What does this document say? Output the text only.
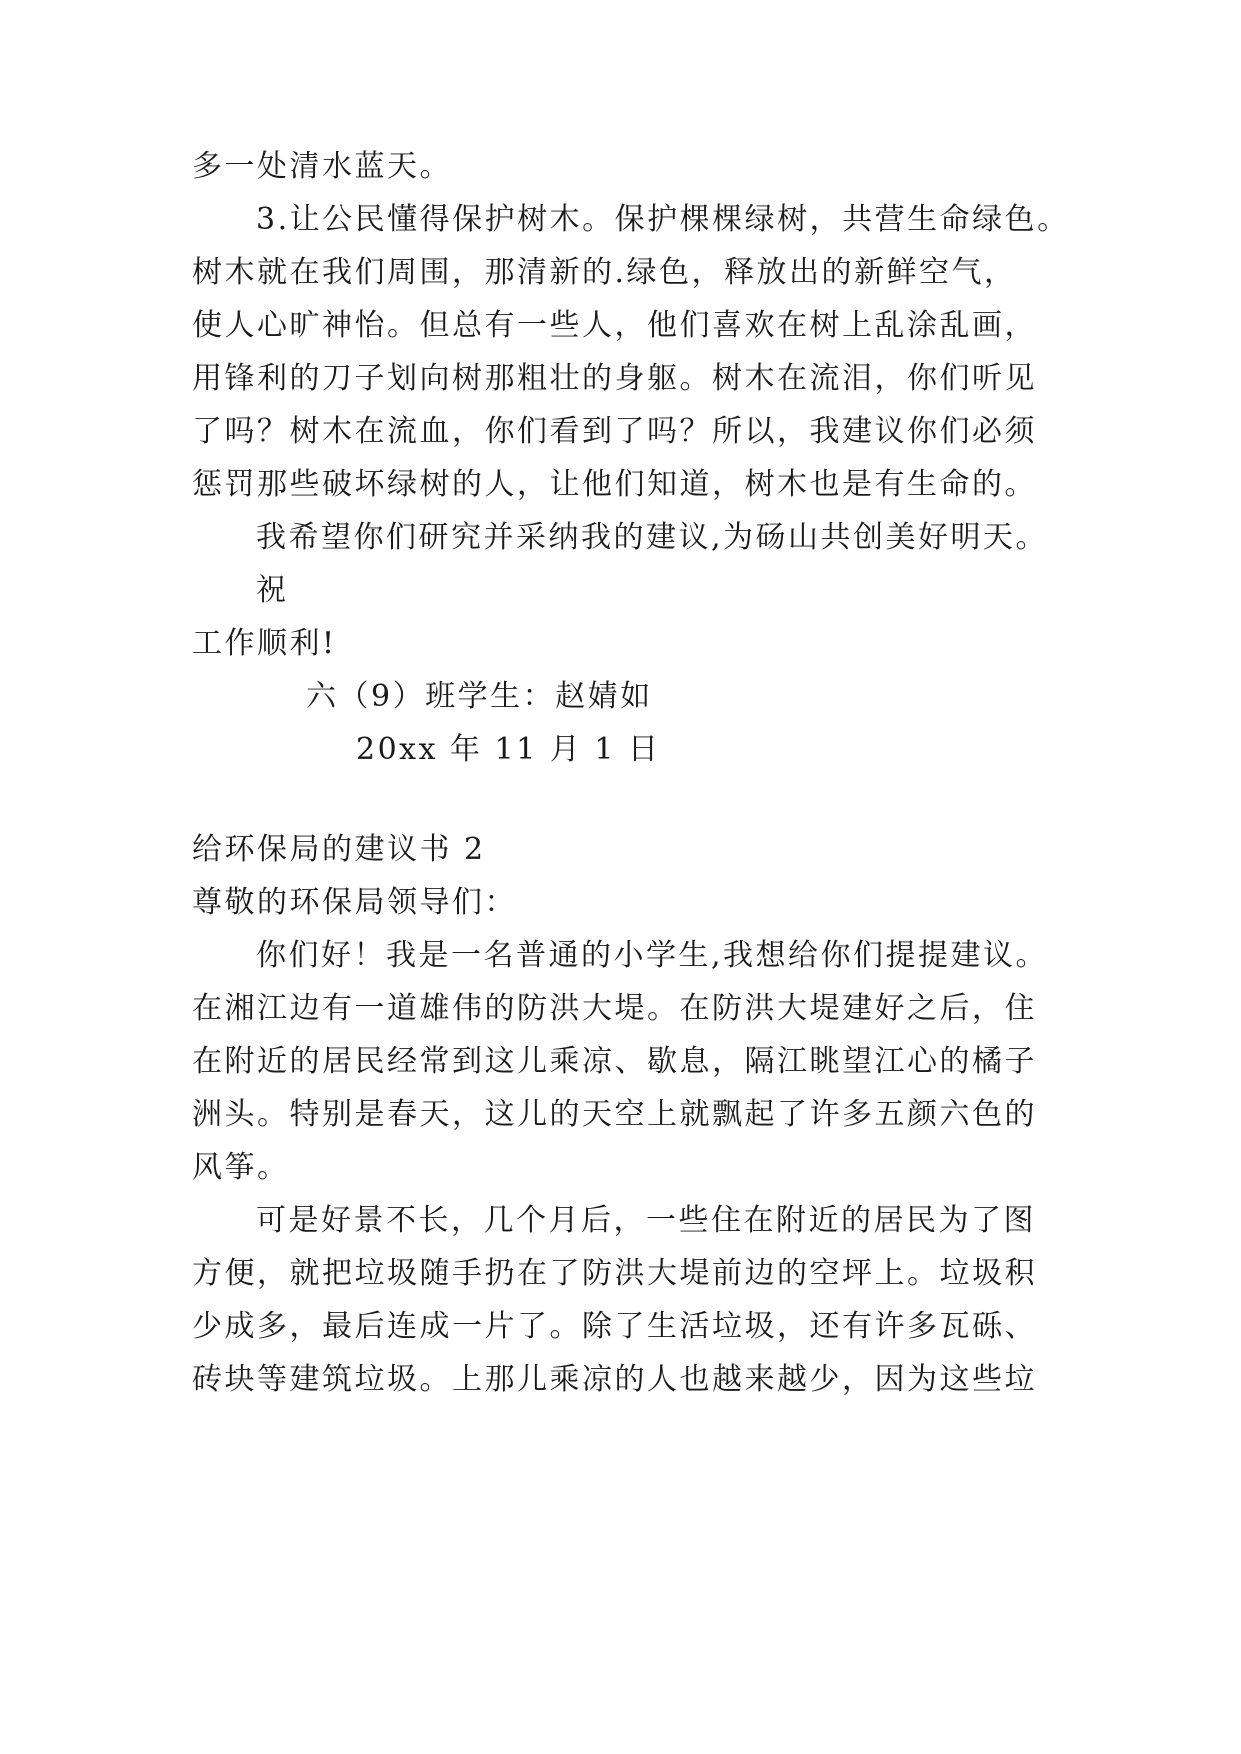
多一处清水蓝天。

3.让公民懂得保护树木。保护棵棵绿树，共营生命绿色。

树木就在我们周围，那清新的.绿色，释放出的新鲜空气，

使人心旷神怡。但总有一些人，他们喜欢在树上乱涂乱画，

用锋利的刀子划向树那粗壮的身躯。树木在流泪，你们听见

了吗？树木在流血，你们看到了吗？所以，我建议你们必须

惩罚那些破坏绿树的人，让他们知道，树木也是有生命的。

我希望你们研究并采纳我的建议,为砀山共创美好明天。

祝

工作顺利!

六（9）班学生：赵婧如

20xx 年 11 月 1 日

给环保局的建议书 2

尊敬的环保局领导们：

你们好！我是一名普通的小学生,我想给你们提提建议。

在湘江边有一道雄伟的防洪大堤。在防洪大堤建好之后，住

在附近的居民经常到这儿乘凉、歇息，隔江眺望江心的橘子

洲头。特别是春天，这儿的天空上就飘起了许多五颜六色的

风筝。

可是好景不长，几个月后，一些住在附近的居民为了图

方便，就把垃圾随手扔在了防洪大堤前边的空坪上。垃圾积

少成多，最后连成一片了。除了生活垃圾，还有许多瓦砾、

砖块等建筑垃圾。上那儿乘凉的人也越来越少，因为这些垃
